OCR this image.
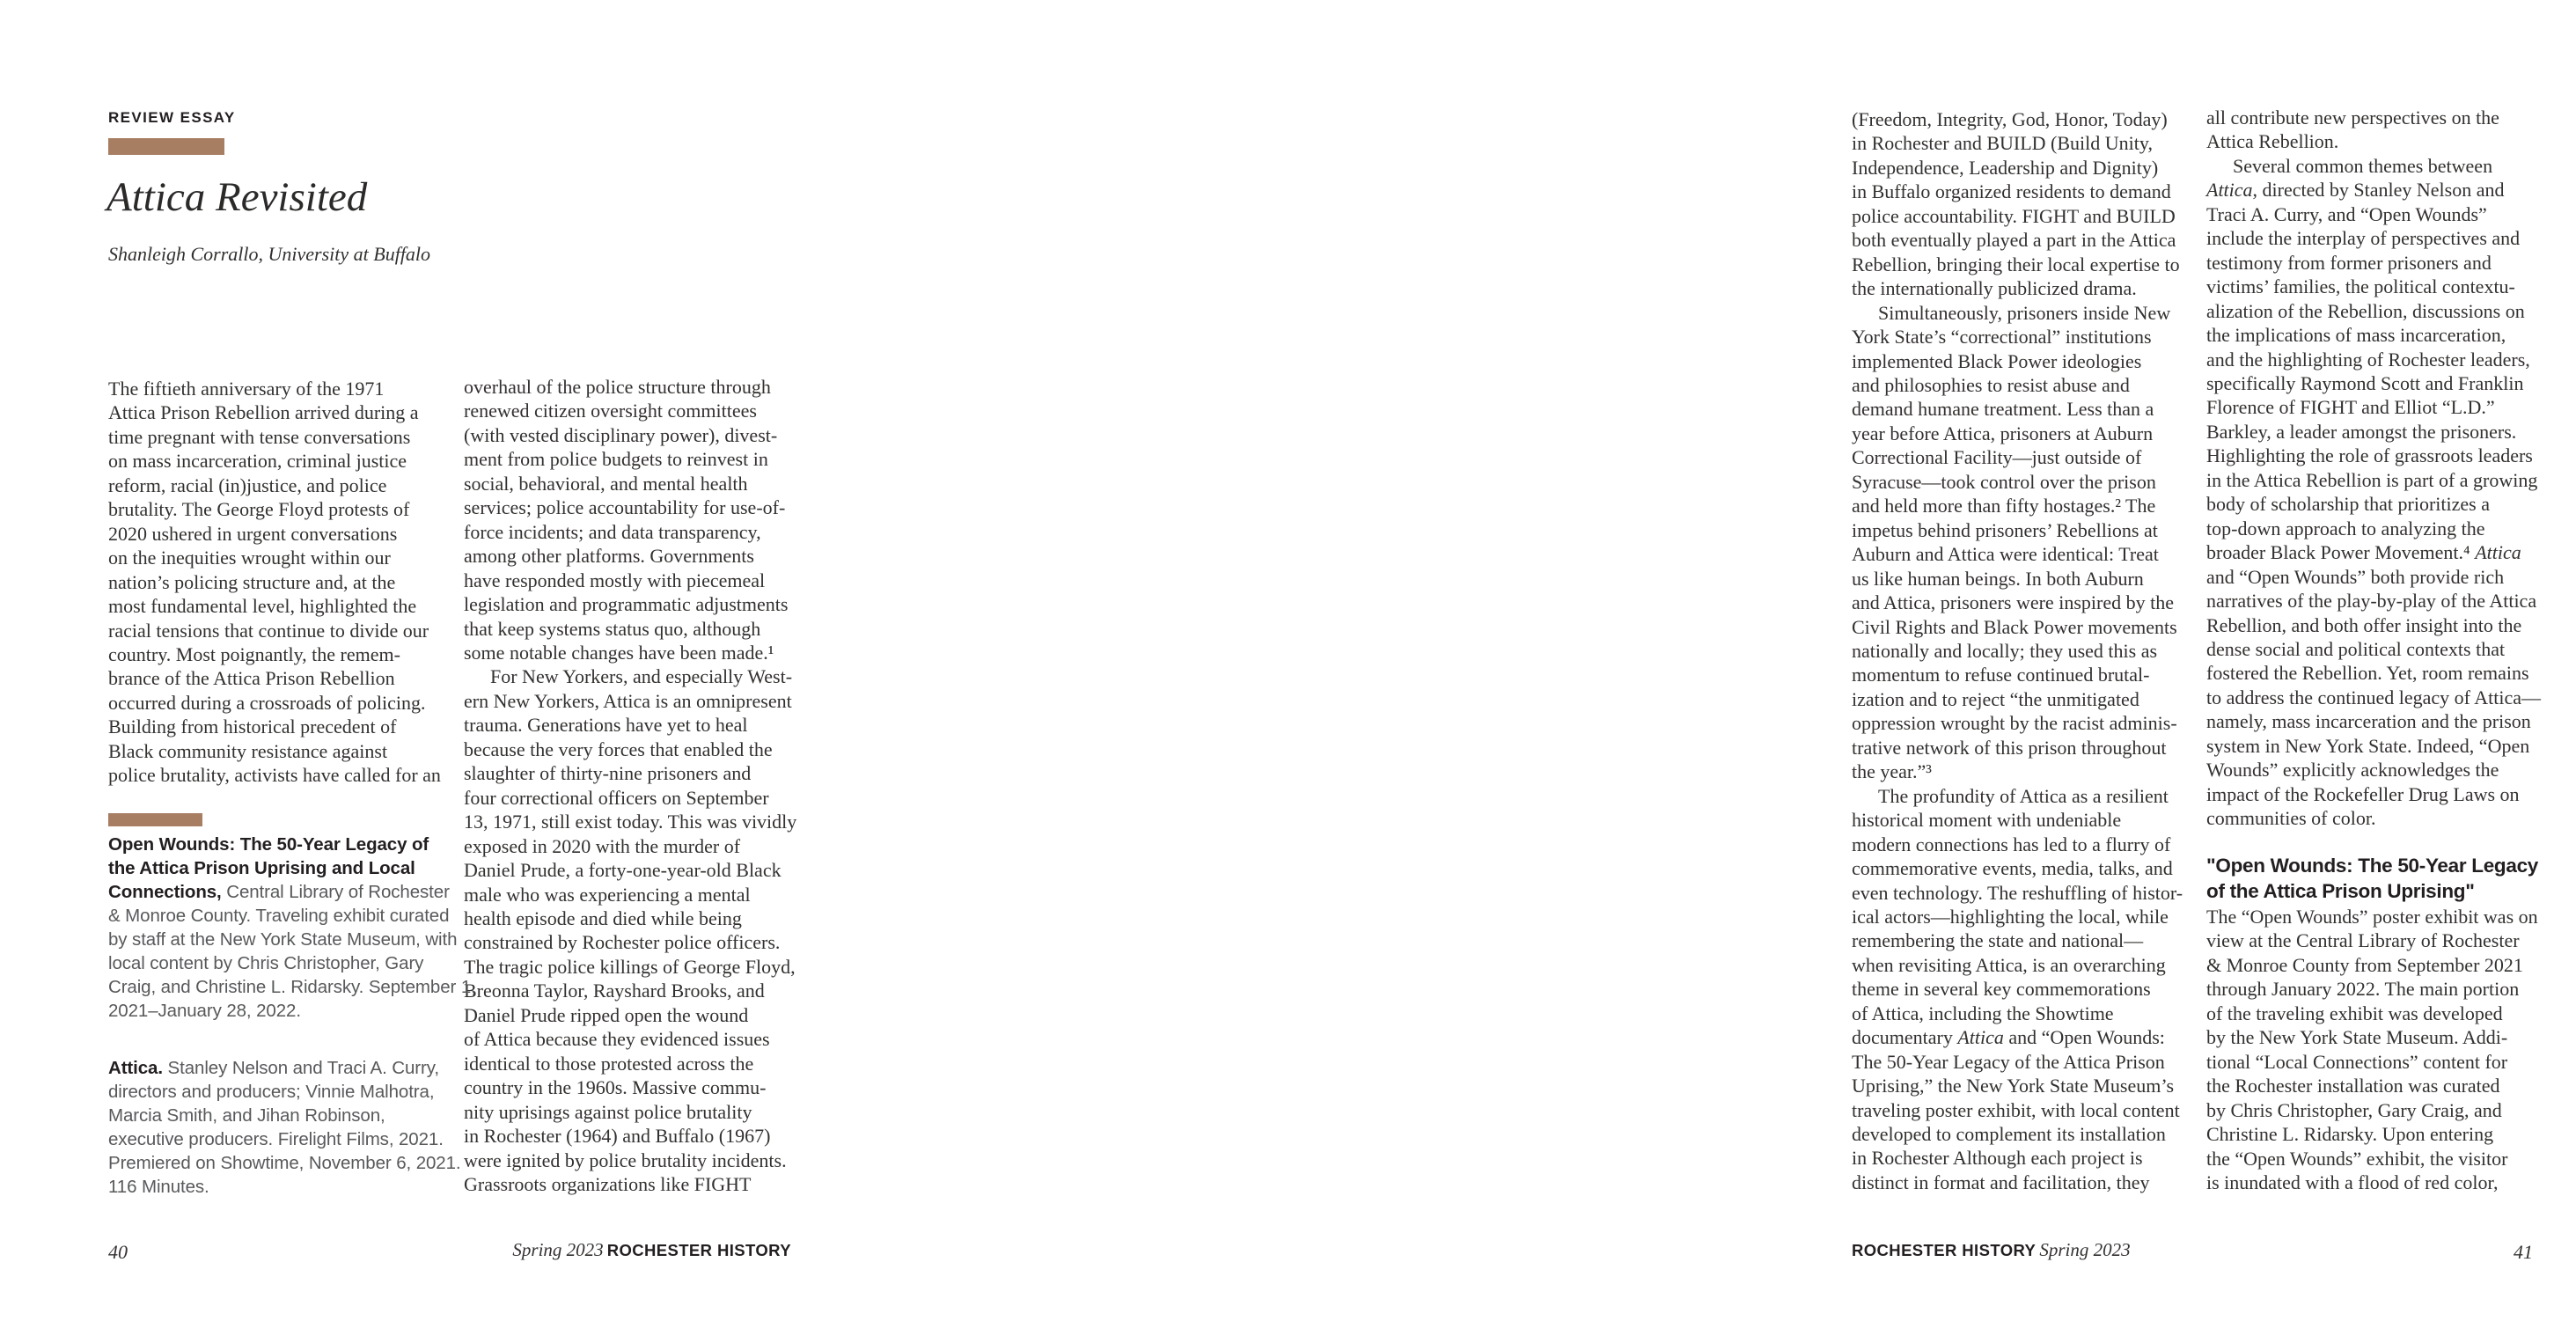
REVIEW ESSAY
Attica Revisited
Shanleigh Corrallo, University at Buffalo
The fiftieth anniversary of the 1971
Attica Prison Rebellion arrived during a
time pregnant with tense conversations
on mass incarceration, criminal justice
reform, racial (in)justice, and police
brutality. The George Floyd protests of
2020 ushered in urgent conversations
on the inequities wrought within our
nation’s policing structure and, at the
most fundamental level, highlighted the
racial tensions that continue to divide our
country. Most poignantly, the remem-
brance of the Attica Prison Rebellion
occurred during a crossroads of policing.
Building from historical precedent of
Black community resistance against
police brutality, activists have called for an
overhaul of the police structure through
renewed citizen oversight committees
(with vested disciplinary power), divest-
ment from police budgets to reinvest in
social, behavioral, and mental health
services; police accountability for use-of-
force incidents; and data transparency,
among other platforms. Governments
have responded mostly with piecemeal
legislation and programmatic adjustments
that keep systems status quo, although
some notable changes have been made.¹
For New Yorkers, and especially West-
ern New Yorkers, Attica is an omnipresent
trauma. Generations have yet to heal
because the very forces that enabled the
slaughter of thirty-nine prisoners and
four correctional officers on September
13, 1971, still exist today. This was vividly
exposed in 2020 with the murder of
Daniel Prude, a forty-one-year-old Black
male who was experiencing a mental
health episode and died while being
constrained by Rochester police officers.
The tragic police killings of George Floyd,
Breonna Taylor, Rayshard Brooks, and
Daniel Prude ripped open the wound
of Attica because they evidenced issues
identical to those protested across the
country in the 1960s. Massive commu-
nity uprisings against police brutality
in Rochester (1964) and Buffalo (1967)
were ignited by police brutality incidents.
Grassroots organizations like FIGHT
Open Wounds: The 50-Year Legacy of
the Attica Prison Uprising and Local
Connections, Central Library of Rochester
& Monroe County. Traveling exhibit curated
by staff at the New York State Museum, with
local content by Chris Christopher, Gary
Craig, and Christine L. Ridarsky. September 1,
2021–January 28, 2022.
Attica. Stanley Nelson and Traci A. Curry,
directors and producers; Vinnie Malhotra,
Marcia Smith, and Jihan Robinson,
executive producers. Firelight Films, 2021.
Premiered on Showtime, November 6, 2021.
116 Minutes.
40	Spring 2023 ROCHESTER HISTORY
(Freedom, Integrity, God, Honor, Today)
in Rochester and BUILD (Build Unity,
Independence, Leadership and Dignity)
in Buffalo organized residents to demand
police accountability. FIGHT and BUILD
both eventually played a part in the Attica
Rebellion, bringing their local expertise to
the internationally publicized drama.
Simultaneously, prisoners inside New
York State’s “correctional” institutions
implemented Black Power ideologies
and philosophies to resist abuse and
demand humane treatment. Less than a
year before Attica, prisoners at Auburn
Correctional Facility—just outside of
Syracuse—took control over the prison
and held more than fifty hostages.² The
impetus behind prisoners’ Rebellions at
Auburn and Attica were identical: Treat
us like human beings. In both Auburn
and Attica, prisoners were inspired by the
Civil Rights and Black Power movements
nationally and locally; they used this as
momentum to refuse continued brutal-
ization and to reject “the unmitigated
oppression wrought by the racist adminis-
trative network of this prison throughout
the year.”³
The profundity of Attica as a resilient
historical moment with undeniable
modern connections has led to a flurry of
commemorative events, media, talks, and
even technology. The reshuffling of histor-
ical actors—highlighting the local, while
remembering the state and national—
when revisiting Attica, is an overarching
theme in several key commemorations
of Attica, including the Showtime
documentary Attica and “Open Wounds:
The 50-Year Legacy of the Attica Prison
Uprising,” the New York State Museum’s
traveling poster exhibit, with local content
developed to complement its installation
in Rochester Although each project is
distinct in format and facilitation, they
all contribute new perspectives on the
Attica Rebellion.
Several common themes between
Attica, directed by Stanley Nelson and
Traci A. Curry, and “Open Wounds”
include the interplay of perspectives and
testimony from former prisoners and
victims’ families, the political contextu-
alization of the Rebellion, discussions on
the implications of mass incarceration,
and the highlighting of Rochester leaders,
specifically Raymond Scott and Franklin
Florence of FIGHT and Elliot “L.D.”
Barkley, a leader amongst the prisoners.
Highlighting the role of grassroots leaders
in the Attica Rebellion is part of a growing
body of scholarship that prioritizes a
top-down approach to analyzing the
broader Black Power Movement.⁴ Attica
and “Open Wounds” both provide rich
narratives of the play-by-play of the Attica
Rebellion, and both offer insight into the
dense social and political contexts that
fostered the Rebellion. Yet, room remains
to address the continued legacy of Attica—
namely, mass incarceration and the prison
system in New York State. Indeed, “Open
Wounds” explicitly acknowledges the
impact of the Rockefeller Drug Laws on
communities of color.
"Open Wounds: The 50-Year Legacy
of the Attica Prison Uprising"
The “Open Wounds” poster exhibit was on
view at the Central Library of Rochester
& Monroe County from September 2021
through January 2022. The main portion
of the traveling exhibit was developed
by the New York State Museum. Addi-
tional “Local Connections” content for
the Rochester installation was curated
by Chris Christopher, Gary Craig, and
Christine L. Ridarsky. Upon entering
the “Open Wounds” exhibit, the visitor
is inundated with a flood of red color,
ROCHESTER HISTORY Spring 2023	41
